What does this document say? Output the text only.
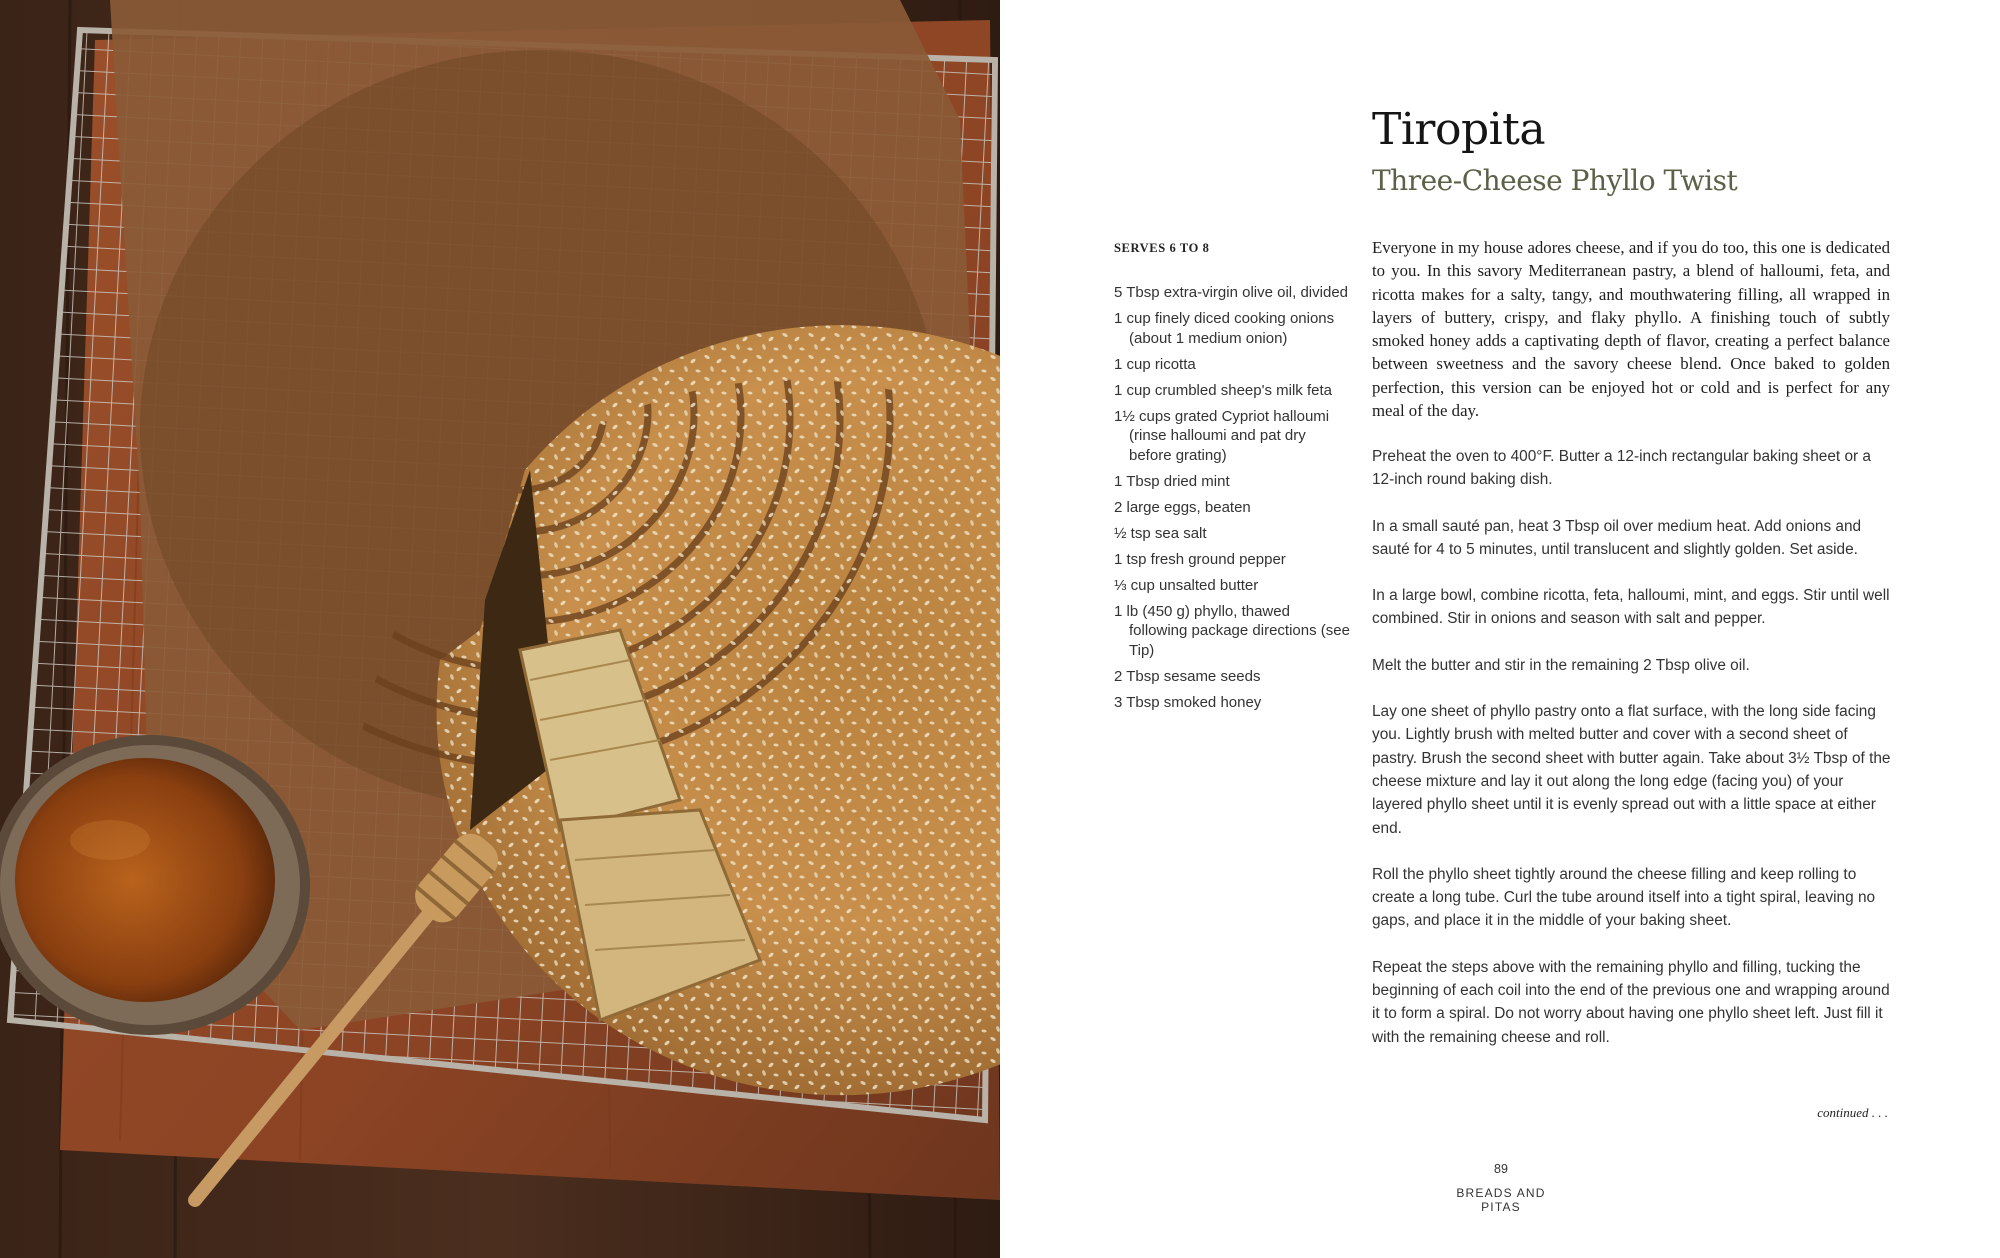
Tiropita
Three-Cheese Phyllo Twist
SERVES 6 TO 8
5 Tbsp extra-virgin olive oil, divided
1 cup finely diced cooking onions (about 1 medium onion)
1 cup ricotta
1 cup crumbled sheep's milk feta
1½ cups grated Cypriot halloumi (rinse halloumi and pat dry before grating)
1 Tbsp dried mint
2 large eggs, beaten
½ tsp sea salt
1 tsp fresh ground pepper
⅓ cup unsalted butter
1 lb (450 g) phyllo, thawed following package directions (see Tip)
2 Tbsp sesame seeds
3 Tbsp smoked honey

Everyone in my house adores cheese, and if you do too, this one is dedicated to you. In this savory Mediterranean pastry, a blend of halloumi, feta, and ricotta makes for a salty, tangy, and mouthwatering filling, all wrapped in layers of buttery, crispy, and flaky phyllo. A finishing touch of subtly smoked honey adds a captivating depth of flavor, creating a perfect balance between sweetness and the savory cheese blend. Once baked to golden perfection, this version can be enjoyed hot or cold and is perfect for any meal of the day.

Preheat the oven to 400°F. Butter a 12-inch rectangular baking sheet or a 12-inch round baking dish.

In a small sauté pan, heat 3 Tbsp oil over medium heat. Add onions and sauté for 4 to 5 minutes, until translucent and slightly golden. Set aside.

In a large bowl, combine ricotta, feta, halloumi, mint, and eggs. Stir until well combined. Stir in onions and season with salt and pepper.

Melt the butter and stir in the remaining 2 Tbsp olive oil.

Lay one sheet of phyllo pastry onto a flat surface, with the long side facing you. Lightly brush with melted butter and cover with a second sheet of pastry. Brush the second sheet with butter again. Take about 3½ Tbsp of the cheese mixture and lay it out along the long edge (facing you) of your layered phyllo sheet until it is evenly spread out with a little space at either end.

Roll the phyllo sheet tightly around the cheese filling and keep rolling to create a long tube. Curl the tube around itself into a tight spiral, leaving no gaps, and place it in the middle of your baking sheet.

Repeat the steps above with the remaining phyllo and filling, tucking the beginning of each coil into the end of the previous one and wrapping around it to form a spiral. Do not worry about having one phyllo sheet left. Just fill it with the remaining cheese and roll.

continued . . .
89
BREADS AND PITAS
